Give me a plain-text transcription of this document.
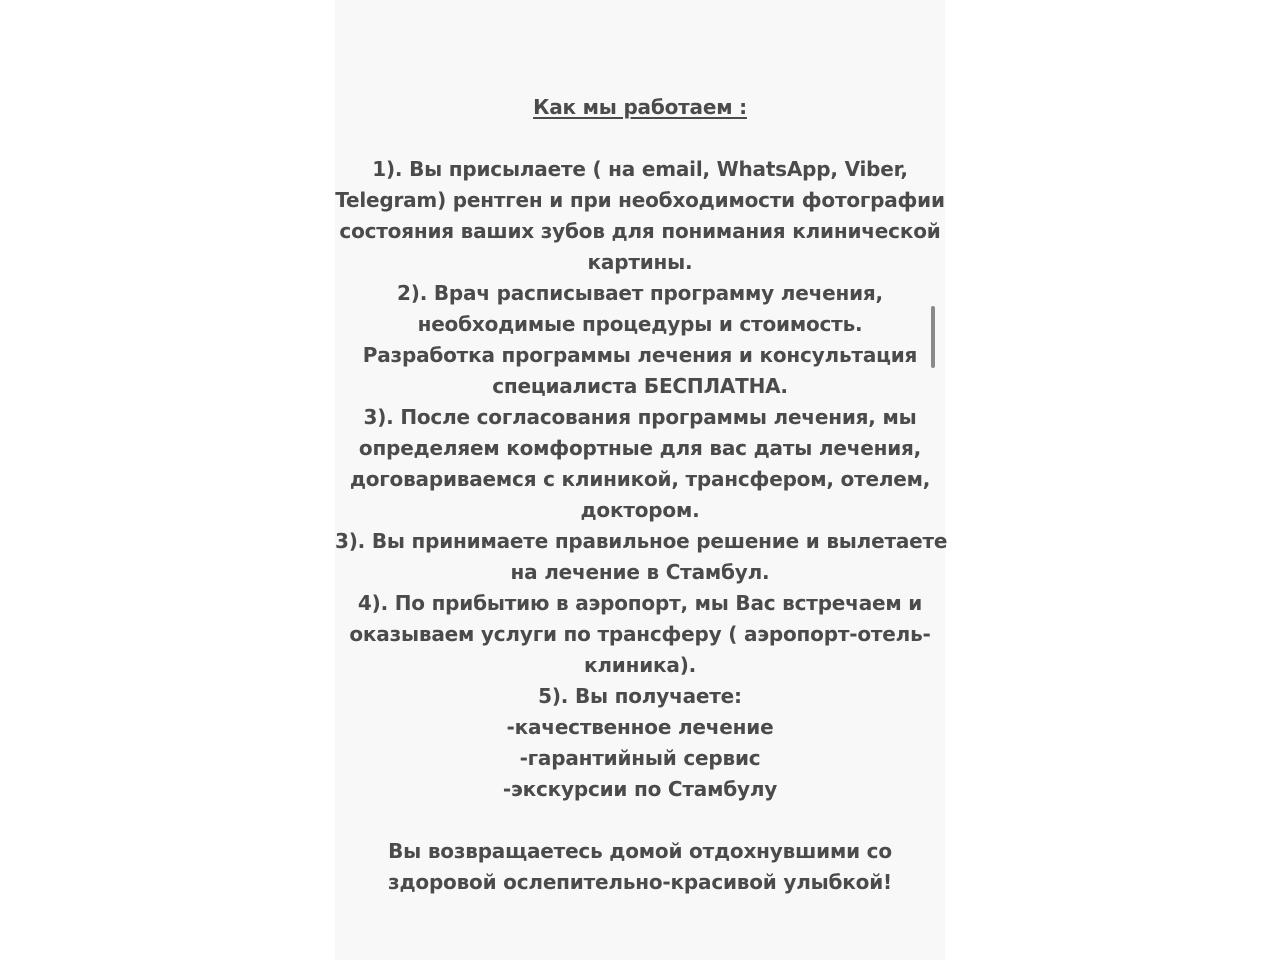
Как мы работаем :
1). Вы присылаете ( на email, WhatsApp, Viber,
Telegram) рентген и при необходимости фотографии
состояния ваших зубов для понимания клинической
картины.
2). Врач расписывает программу лечения,
необходимые процедуры и стоимость.
Разработка программы лечения и консультация
специалиста БЕСПЛАТНА.
3). После согласования программы лечения, мы
определяем комфортные для вас даты лечения,
договариваемся с клиникой, трансфером, отелем,
доктором.
3). Вы принимаете правильное решение и вылетаете
на лечение в Стамбул.
4). По прибытию в аэропорт, мы Вас встречаем и
оказываем услуги по трансферу ( аэропорт-отель-
клиника).
5). Вы получаете:
-качественное лечение
-гарантийный сервис
-экскурсии по Стамбулу
Вы возвращаетесь домой отдохнувшими со
здоровой ослепительно-красивой улыбкой!
